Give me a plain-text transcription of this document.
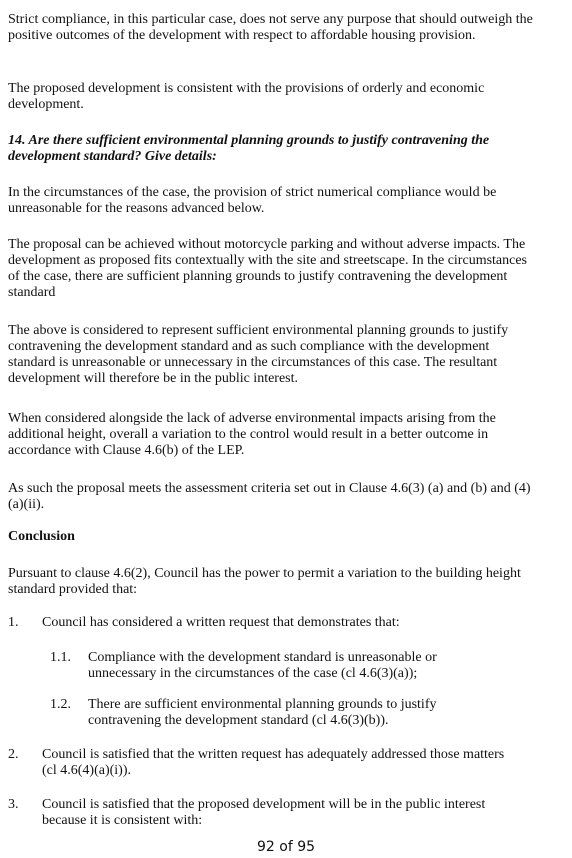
Strict compliance, in this particular case, does not serve any purpose that should outweigh the positive outcomes of the development with respect to affordable housing provision.

The proposed development is consistent with the provisions of orderly and economic development.

14. Are there sufficient environmental planning grounds to justify contravening the development standard? Give details:

In the circumstances of the case, the provision of strict numerical compliance would be unreasonable for the reasons advanced below.

The proposal can be achieved without motorcycle parking and without adverse impacts. The development as proposed fits contextually with the site and streetscape. In the circumstances of the case, there are sufficient planning grounds to justify contravening the development standard

The above is considered to represent sufficient environmental planning grounds to justify contravening the development standard and as such compliance with the development standard is unreasonable or unnecessary in the circumstances of this case. The resultant development will therefore be in the public interest.

When considered alongside the lack of adverse environmental impacts arising from the additional height, overall a variation to the control would result in a better outcome in accordance with Clause 4.6(b) of the LEP.

As such the proposal meets the assessment criteria set out in Clause 4.6(3) (a) and (b) and (4)(a)(ii).

Conclusion

Pursuant to clause 4.6(2), Council has the power to permit a variation to the building height standard provided that:

1. Council has considered a written request that demonstrates that:
1.1. Compliance with the development standard is unreasonable or unnecessary in the circumstances of the case (cl 4.6(3)(a));
1.2. There are sufficient environmental planning grounds to justify contravening the development standard (cl 4.6(3)(b)).
2. Council is satisfied that the written request has adequately addressed those matters (cl 4.6(4)(a)(i)).
3. Council is satisfied that the proposed development will be in the public interest because it is consistent with:
92 of 95
